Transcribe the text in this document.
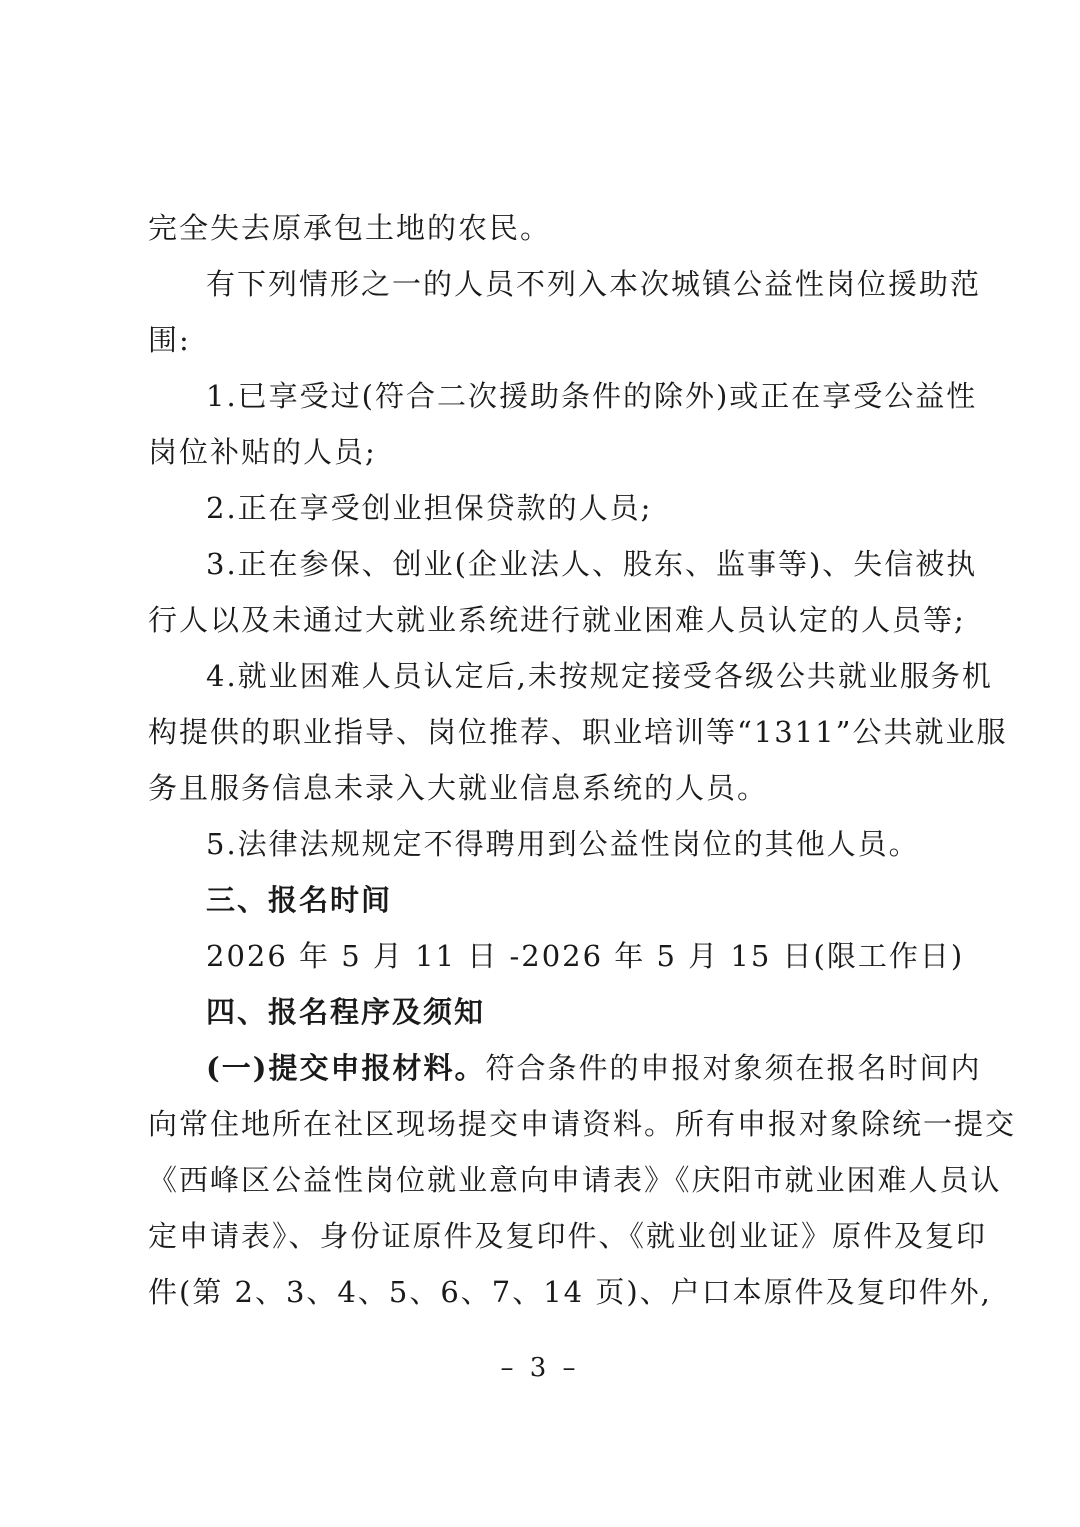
完全失去原承包土地的农民。
有下列情形之一的人员不列入本次城镇公益性岗位援助范
围:
1.已享受过(符合二次援助条件的除外)或正在享受公益性
岗位补贴的人员;
2.正在享受创业担保贷款的人员;
3.正在参保、创业(企业法人、股东、监事等)、失信被执
行人以及未通过大就业系统进行就业困难人员认定的人员等;
4.就业困难人员认定后,未按规定接受各级公共就业服务机
构提供的职业指导、岗位推荐、职业培训等“1311”公共就业服
务且服务信息未录入大就业信息系统的人员。
5.法律法规规定不得聘用到公益性岗位的其他人员。
三、报名时间
2026 年 5 月 11 日 -2026 年 5 月 15 日(限工作日)
四、报名程序及须知
(一)提交申报材料。符合条件的申报对象须在报名时间内
向常住地所在社区现场提交申请资料。所有申报对象除统一提交
《西峰区公益性岗位就业意向申请表》《庆阳市就业困难人员认
定申请表》、身份证原件及复印件、《就业创业证》原件及复印
件(第 2、3、4、5、6、7、14 页)、户口本原件及复印件外,
– 3 –
